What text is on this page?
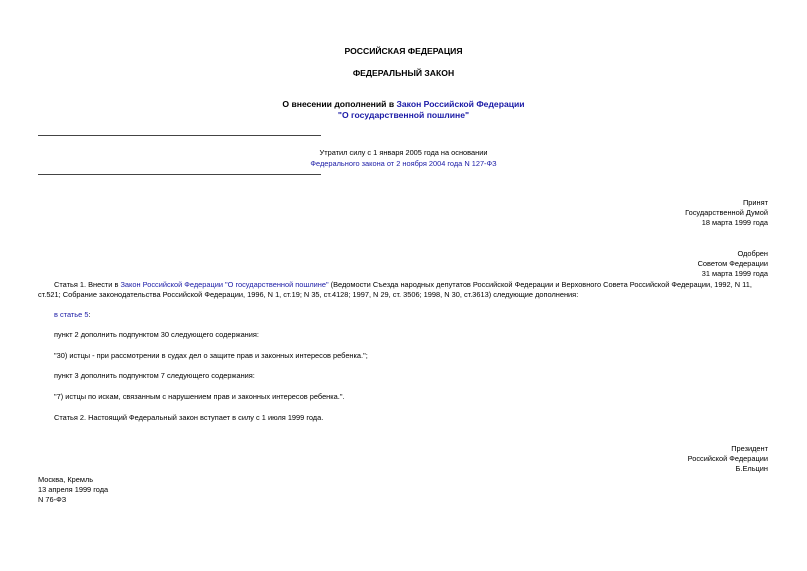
РОССИЙСКАЯ ФЕДЕРАЦИЯ
ФЕДЕРАЛЬНЫЙ ЗАКОН
О внесении дополнений в Закон Российской Федерации
"О государственной пошлине"
Утратил силу с 1 января 2005 года на основании
Федерального закона от 2 ноября 2004 года N 127-ФЗ
Принят
Государственной Думой
18 марта 1999 года
Одобрен
Советом Федерации
31 марта 1999 года
Статья 1. Внести в Закон Российской Федерации "О государственной пошлине" (Ведомости Съезда народных депутатов Российской Федерации и Верховного Совета Российской Федерации, 1992, N 11, ст.521; Собрание законодательства Российской Федерации, 1996, N 1, ст.19; N 35, ст.4128; 1997, N 29, ст. 3506; 1998, N 30, ст.3613) следующие дополнения:
в статье 5:
пункт 2 дополнить подпунктом 30 следующего содержания:
"30) истцы - при рассмотрении в судах дел о защите прав и законных интересов ребенка.";
пункт 3 дополнить подпунктом 7 следующего содержания:
"7) истцы по искам, связанным с нарушением прав и законных интересов ребенка.".
Статья 2. Настоящий Федеральный закон вступает в силу с 1 июля 1999 года.
Президент
Российской Федерации
Б.Ельцин
Москва, Кремль
13 апреля 1999 года
N 76-ФЗ
